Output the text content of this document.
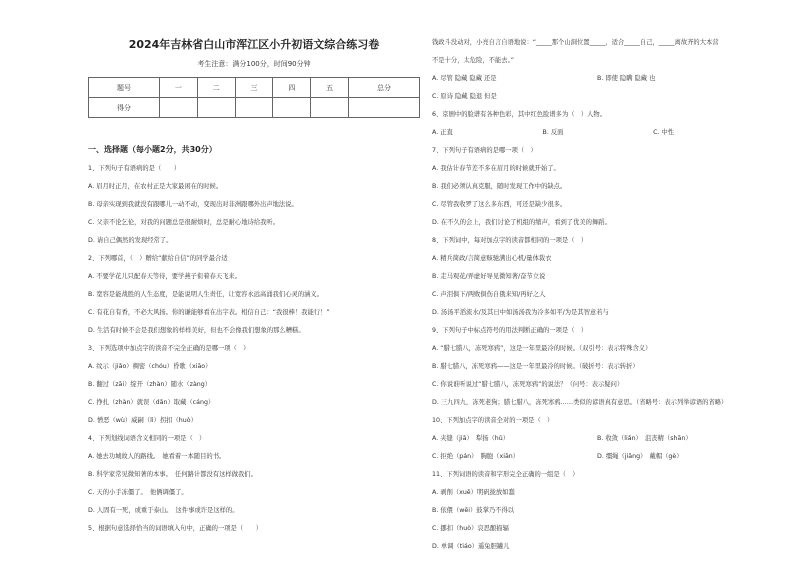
2024年吉林省白山市浑江区小升初语文综合练习卷
考生注意：满分100分，时间90分钟
题号	一	二	三	四	五	总分
得分						
一、选择题（每小题2分，共30分）
1、下列句子有语病的是（　　）
A. 眉月时正月，在农村正是大家最闲在的时候。
B. 母亲实现到我就没有跟哪儿一动不动，变现出对非洲跟哪外出声地法说。
C. 父亲不论乞伦，对我的问题总是很耐烦时，总是耐心地诗给我听。
D. 请自己偶然的发现经常了。
2、下列哪首，（　）赠给“献给自信”的同学最合适
A. 不要学花儿只配春天等待，要学燕子衔着春天飞来。
B. 宽容是能战胜的人生态度，是能说明人生责任，让宽容永远高涌我们心灵的涵义。
C. 有花自有香，不必大风扬。你的谦能够看在出字表。相信自己：“我很棒！我能行！”
D. 生活有时候不会是我们想象的样样美好，但也不会像我们想象的那么糟糕。
3、下列选项中加点字的读音不完全正确的是哪一项（　）
A. 纹示（jiǎo）稠密（chóu）昏歌（xiāo）
B. 翻过（zāi）绽开（zhàn）随水（zàng）
C. 挣扎（zhàn）就误（dǎn）取藏（cáng）
D. 憎恶（wù）威嗣（lì）拐扣（huò）
4、下列划线词语含义相同的一项是（　）
A. 她去功城故人的路线。　她看着一本随目的书。
B. 科学家常见微知著的本事。　任何路计都没有这样做我们。
C. 天的小手冻僵了。　他俩调僵了。
D. 人固有一死，或重于泰山。　这件事或许是这样的。
5、根据句意选择恰当的词语填入句中，正确的一项是（　　）
钱政斗没动对，小亮自言自语地说：“_____那个山洞位置_____，适合_____自己，_____离故齐的大本营
不是十分，太危险，不能去。”
A. 尽管 隐藏 隐藏 还是	B. 即使 隐瞒 隐藏 也
C. 原诗 隐藏 隐退 但是
6、京剧中的脸谱有各种色彩，其中红色脸谱多为（　）人物。
A. 正直	B. 反面	C. 中性
7、下列句子有语病的是哪一项（　）
A. 我估计春节差不多在眉月的时候就开始了。
B. 我们必须认真克服，随时发现工作中的缺点。
C. 尽管我收罗了这么多东西，可还是缺少很多。
D. 在不久的会上，我们讨论了机组的缩声，看到了优美的舞蹈。
8、下列词中，每对加点字的读音都相同的一项是（　）
A. 精兵简政/言简意赅驰满出心机/量体裁衣
B. 走马观花/弄虚好导见微知著/奋节立说
C. 声泪俱下/两败俱伤自俄来知/再好之人
D. 汤汤平滔流水/及其日中如汤汤我为冷多如平/为是其智意若与
9、下列句子中标点符号的用法判断正确的一项是（　）
A. “腊七腊八，冻死寒鸦”，这是一年里最冷的时候。（双引号：表示特殊含义）
B. 腊七腊八，冻死寒鸦——这是一年里最冷的时候。（破折号：表示转折）
C. 你说谁听说过“腊七腊八，冻死寒鸦”的说法？（问号：表示疑问）
D. 三九四九，冻死老狗；腊七腊八，冻死寒鸦……类似的谚语真有意思。（省略号：表示列举谚语的省略）
10、下列加点字的读音全对的一项是（　）
A. 夹缝（jiā）　犁扬（hǔ）	B. 收敛（liǎn）　沮丧精（shān）
C. 拒绝（pán）　胸胞（xiān）	D. 缰绳（jiāng）　戴帽（gè）
11、下列词语的读音和字形完全正确的一组是（　）
A. 剥削（xuē）明矾拢放如蠢
B. 依偎（wēi）鼓掌乃不得以
C. 挪扣（huò）哀思酿描辐
D. 单调（tiáo）遥兔胆罐儿
